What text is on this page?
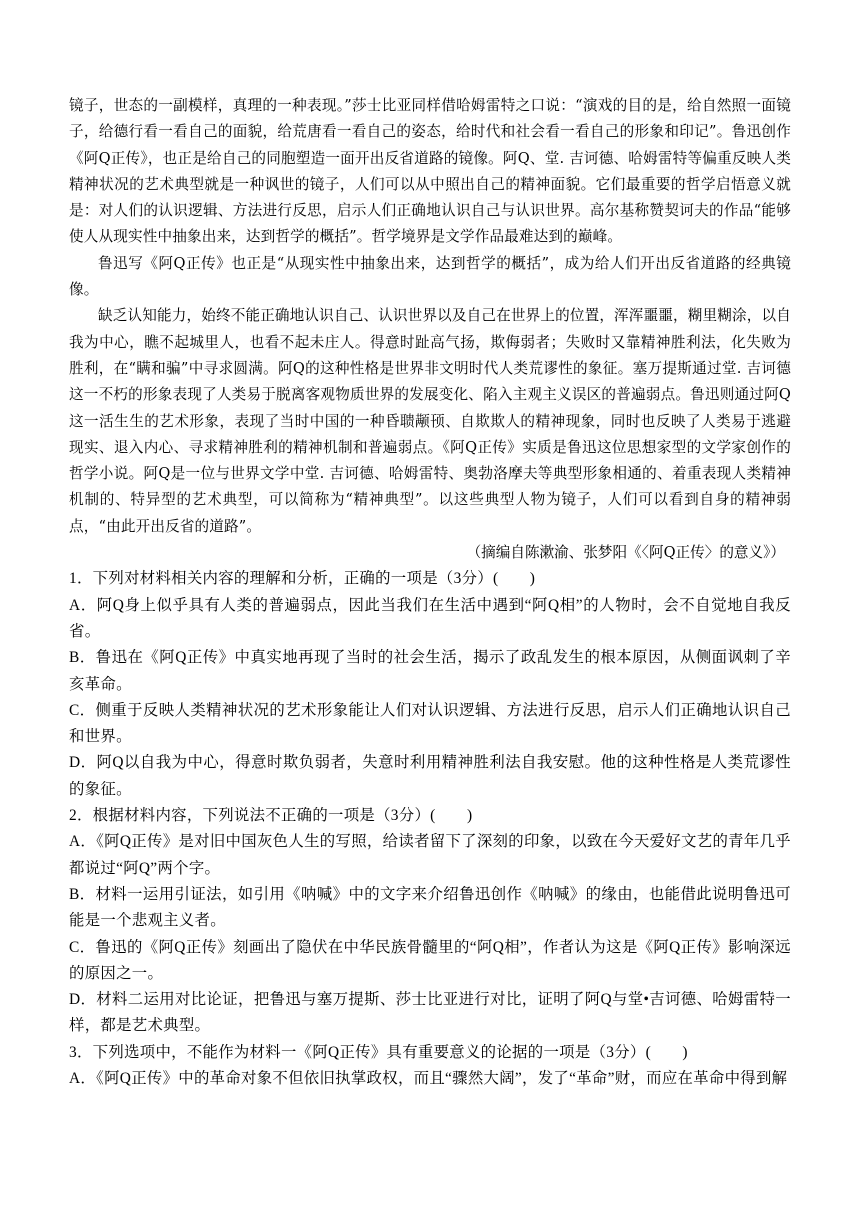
镜子，世态的一副模样，真理的一种表现。”莎士比亚同样借哈姆雷特之口说：“演戏的目的是，给自然照一面镜子，给德行看一看自己的面貌，给荒唐看一看自己的姿态，给时代和社会看一看自己的形象和印记”。鲁迅创作《阿Q正传》，也正是给自己的同胞塑造一面开出反省道路的镜像。阿Q、堂. 吉诃德、哈姆雷特等偏重反映人类精神状况的艺术典型就是一种讽世的镜子，人们可以从中照出自己的精神面貌。它们最重要的哲学启悟意义就是：对人们的认识逻辑、方法进行反思，启示人们正确地认识自己与认识世界。高尔基称赞契诃夫的作品“能够使人从现实性中抽象出来，达到哲学的概括”。哲学境界是文学作品最难达到的巅峰。

鲁迅写《阿Q正传》也正是“从现实性中抽象出来，达到哲学的概括”，成为给人们开出反省道路的经典镜像。

缺乏认知能力，始终不能正确地认识自己、认识世界以及自己在世界上的位置，浑浑噩噩，糊里糊涂，以自我为中心，瞧不起城里人，也看不起未庄人。得意时趾高气扬，欺侮弱者；失败时又靠精神胜利法，化失败为胜利，在“瞒和骗”中寻求圆满。阿Q的这种性格是世界非文明时代人类荒谬性的象征。塞万提斯通过堂. 吉诃德这一不朽的形象表现了人类易于脱离客观物质世界的发展变化、陷入主观主义误区的普遍弱点。鲁迅则通过阿Q这一活生生的艺术形象，表现了当时中国的一种昏聩颟顸、自欺欺人的精神现象，同时也反映了人类易于逃避现实、退入内心、寻求精神胜利的精神机制和普遍弱点。《阿Q正传》实质是鲁迅这位思想家型的文学家创作的哲学小说。阿Q是一位与世界文学中堂. 吉诃德、哈姆雷特、奥勃洛摩夫等典型形象相通的、着重表现人类精神机制的、特异型的艺术典型，可以简称为“精神典型”。以这些典型人物为镜子，人们可以看到自身的精神弱点，“由此开出反省的道路”。

（摘编自陈漱渝、张梦阳《〈阿Q正传〉的意义》）

1．下列对材料相关内容的理解和分析，正确的一项是（3分）(　　)

A．阿Q身上似乎具有人类的普遍弱点，因此当我们在生活中遇到“阿Q相”的人物时，会不自觉地自我反省。

B．鲁迅在《阿Q正传》中真实地再现了当时的社会生活，揭示了政乱发生的根本原因，从侧面讽刺了辛亥革命。

C．侧重于反映人类精神状况的艺术形象能让人们对认识逻辑、方法进行反思，启示人们正确地认识自己和世界。

D．阿Q以自我为中心，得意时欺负弱者，失意时利用精神胜利法自我安慰。他的这种性格是人类荒谬性的象征。

2．根据材料内容，下列说法不正确的一项是（3分）(　　)

A．《阿Q正传》是对旧中国灰色人生的写照，给读者留下了深刻的印象，以致在今天爱好文艺的青年几乎都说过“阿Q”两个字。

B．材料一运用引证法，如引用《呐喊》中的文字来介绍鲁迅创作《呐喊》的缘由，也能借此说明鲁迅可能是一个悲观主义者。

C．鲁迅的《阿Q正传》刻画出了隐伏在中华民族骨髓里的“阿Q相”，作者认为这是《阿Q正传》影响深远的原因之一。

D．材料二运用对比论证，把鲁迅与塞万提斯、莎士比亚进行对比，证明了阿Q与堂•吉诃德、哈姆雷特一样，都是艺术典型。

3．下列选项中，不能作为材料一《阿Q正传》具有重要意义的论据的一项是（3分）(　　)

A．《阿Q正传》中的革命对象不但依旧执掌政权，而且“骤然大阔”，发了“革命”财，而应在革命中得到解
